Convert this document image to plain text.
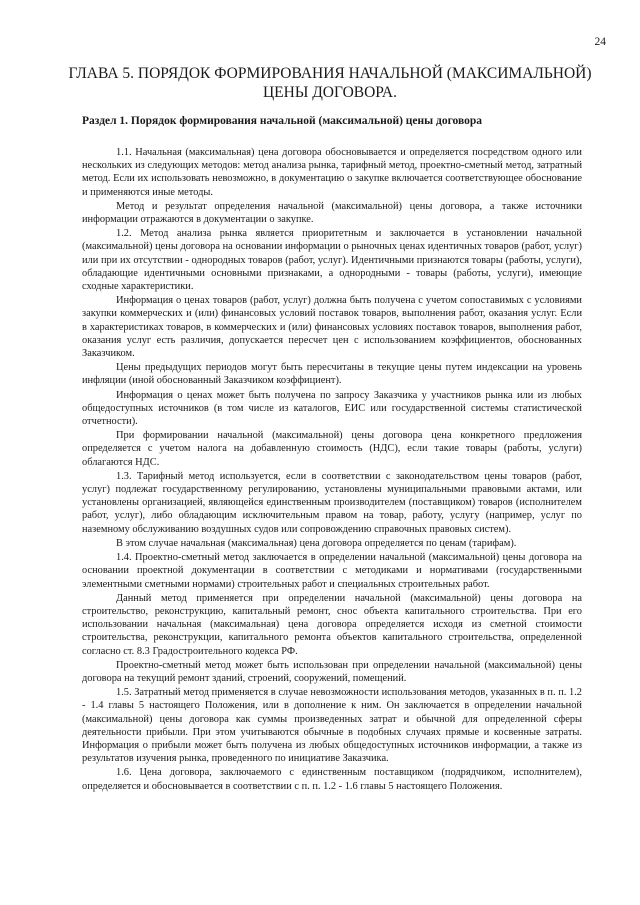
24
ГЛАВА 5. ПОРЯДОК ФОРМИРОВАНИЯ НАЧАЛЬНОЙ (МАКСИМАЛЬНОЙ)
ЦЕНЫ ДОГОВОРА.
Раздел 1. Порядок формирования начальной (максимальной) цены договора

1.1. Начальная (максимальная) цена договора обосновывается и определяется посредством одного или нескольких из следующих методов: метод анализа рынка, тарифный метод, проектно-сметный метод, затратный метод. Если их использовать невозможно, в документацию о закупке включается соответствующее обоснование и применяются иные методы.

Метод и результат определения начальной (максимальной) цены договора, а также источники информации отражаются в документации о закупке.

1.2. Метод анализа рынка является приоритетным и заключается в установлении начальной (максимальной) цены договора на основании информации о рыночных ценах идентичных товаров (работ, услуг) или при их отсутствии - однородных товаров (работ, услуг). Идентичными признаются товары (работы, услуги), обладающие идентичными основными признаками, а однородными - товары (работы, услуги), имеющие сходные характеристики.

Информация о ценах товаров (работ, услуг) должна быть получена с учетом сопоставимых с условиями закупки коммерческих и (или) финансовых условий поставок товаров, выполнения работ, оказания услуг. Если в характеристиках товаров, в коммерческих и (или) финансовых условиях поставок товаров, выполнения работ, оказания услуг есть различия, допускается пересчет цен с использованием коэффициентов, обоснованных Заказчиком.

Цены предыдущих периодов могут быть пересчитаны в текущие цены путем индексации на уровень инфляции (иной обоснованный Заказчиком коэффициент).

Информация о ценах может быть получена по запросу Заказчика у участников рынка или из любых общедоступных источников (в том числе из каталогов, ЕИС или государственной системы статистической отчетности).

При формировании начальной (максимальной) цены договора цена конкретного предложения определяется с учетом налога на добавленную стоимость (НДС), если такие товары (работы, услуги) облагаются НДС.

1.3. Тарифный метод используется, если в соответствии с законодательством цены товаров (работ, услуг) подлежат государственному регулированию, установлены муниципальными правовыми актами, или установлены организацией, являющейся единственным производителем (поставщиком) товаров (исполнителем работ, услуг), либо обладающим исключительным правом на товар, работу, услугу (например, услуг по наземному обслуживанию воздушных судов или сопровождению справочных правовых систем).

В этом случае начальная (максимальная) цена договора определяется по ценам (тарифам).

1.4. Проектно-сметный метод заключается в определении начальной (максимальной) цены договора на основании проектной документации в соответствии с методиками и нормативами (государственными элементными сметными нормами) строительных работ и специальных строительных работ.

Данный метод применяется при определении начальной (максимальной) цены договора на строительство, реконструкцию, капитальный ремонт, снос объекта капитального строительства. При его использовании начальная (максимальная) цена договора определяется исходя из сметной стоимости строительства, реконструкции, капитального ремонта объектов капитального строительства, определенной согласно ст. 8.3 Градостроительного кодекса РФ.

Проектно-сметный метод может быть использован при определении начальной (максимальной) цены договора на текущий ремонт зданий, строений, сооружений, помещений.

1.5. Затратный метод применяется в случае невозможности использования методов, указанных в п. п. 1.2 - 1.4 главы 5 настоящего Положения, или в дополнение к ним. Он заключается в определении начальной (максимальной) цены договора как суммы произведенных затрат и обычной для определенной сферы деятельности прибыли. При этом учитываются обычные в подобных случаях прямые и косвенные затраты. Информация о прибыли может быть получена из любых общедоступных источников информации, а также из результатов изучения рынка, проведенного по инициативе Заказчика.

1.6. Цена договора, заключаемого с единственным поставщиком (подрядчиком, исполнителем), определяется и обосновывается в соответствии с п. п. 1.2 - 1.6 главы 5 настоящего Положения.
